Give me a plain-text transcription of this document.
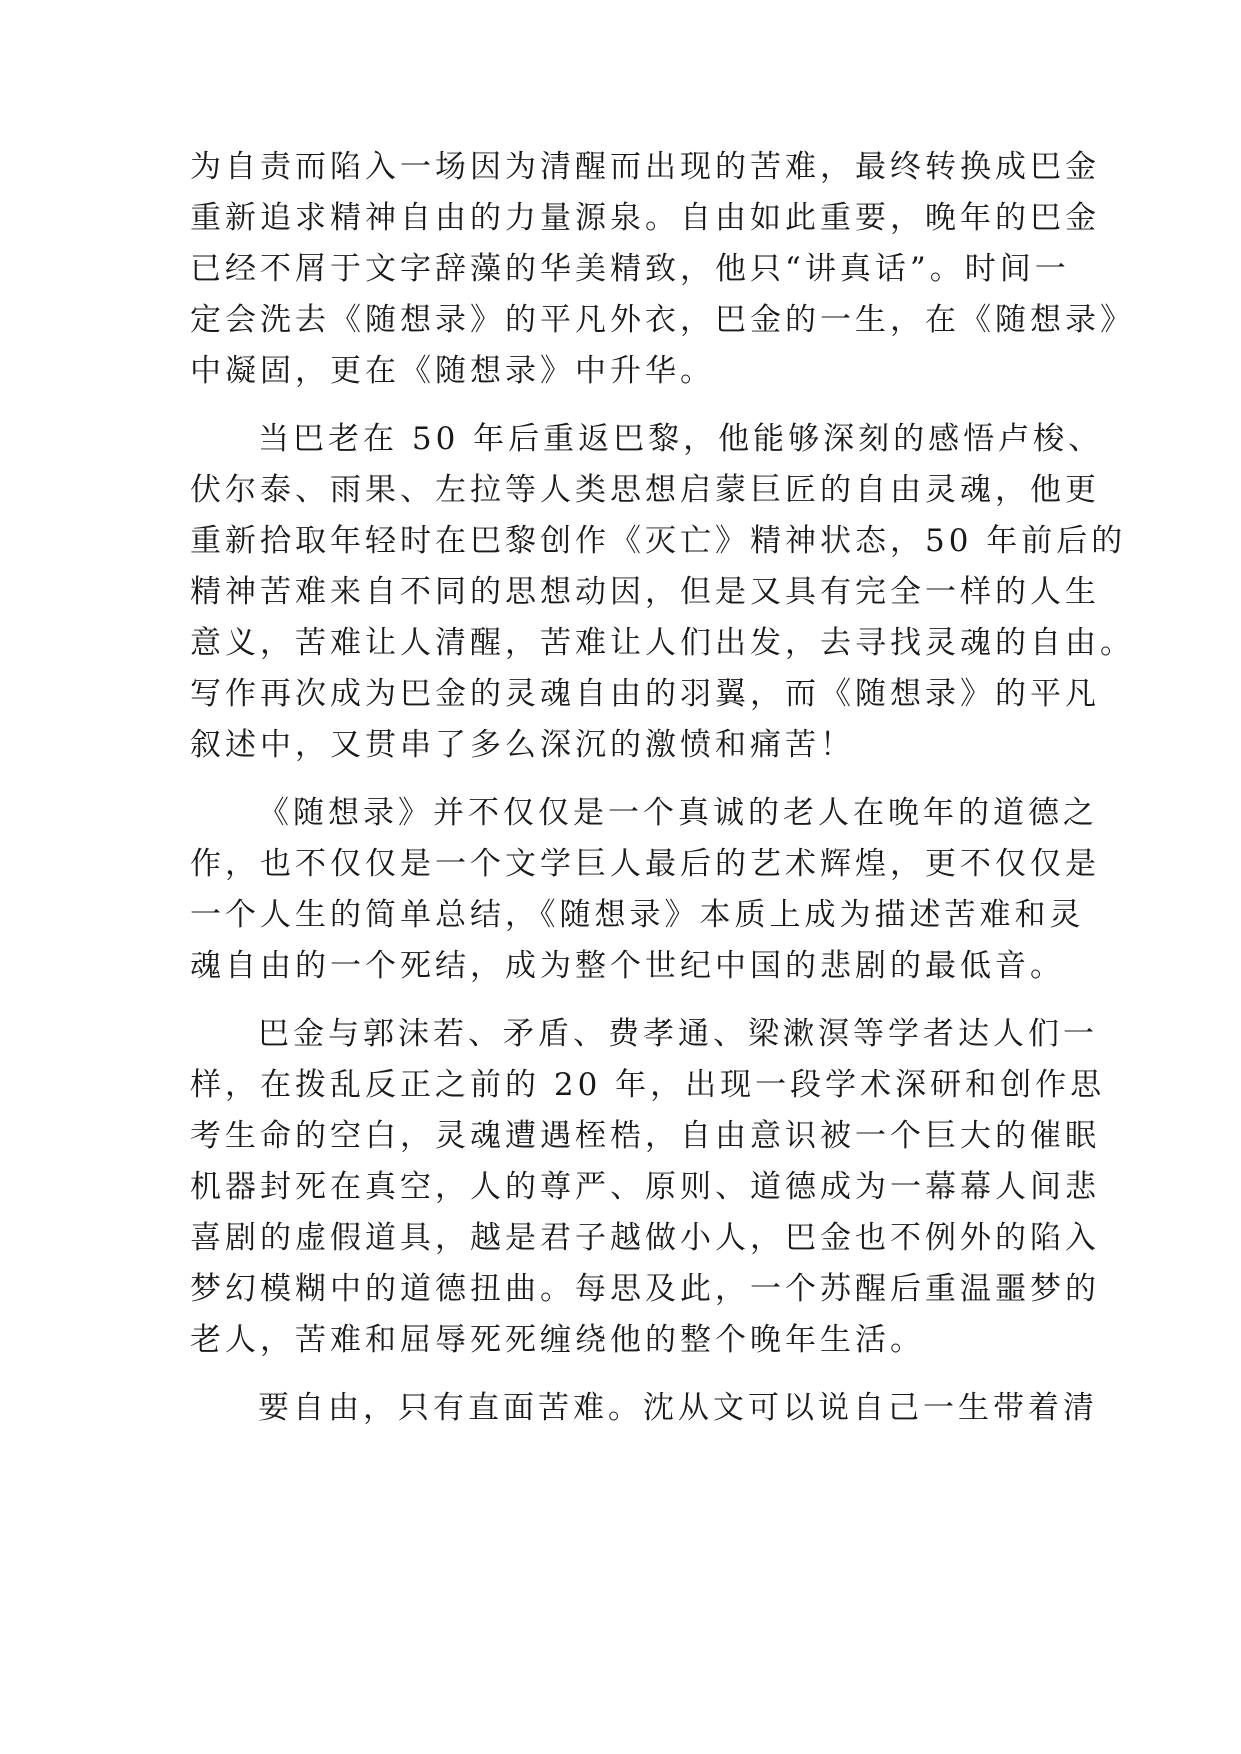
为自责而陷入一场因为清醒而出现的苦难，最终转换成巴金
重新追求精神自由的力量源泉。自由如此重要，晚年的巴金
已经不屑于文字辞藻的华美精致，他只“讲真话”。时间一
定会洗去《随想录》的平凡外衣，巴金的一生，在《随想录》
中凝固，更在《随想录》中升华。
当巴老在 50 年后重返巴黎，他能够深刻的感悟卢梭、
伏尔泰、雨果、左拉等人类思想启蒙巨匠的自由灵魂，他更
重新拾取年轻时在巴黎创作《灭亡》精神状态，50 年前后的
精神苦难来自不同的思想动因，但是又具有完全一样的人生
意义，苦难让人清醒，苦难让人们出发，去寻找灵魂的自由。
写作再次成为巴金的灵魂自由的羽翼，而《随想录》的平凡
叙述中，又贯串了多么深沉的激愤和痛苦！
《随想录》并不仅仅是一个真诚的老人在晚年的道德之
作，也不仅仅是一个文学巨人最后的艺术辉煌，更不仅仅是
一个人生的简单总结，《随想录》本质上成为描述苦难和灵
魂自由的一个死结，成为整个世纪中国的悲剧的最低音。
巴金与郭沫若、矛盾、费孝通、梁漱溟等学者达人们一
样，在拨乱反正之前的 20 年，出现一段学术深研和创作思
考生命的空白，灵魂遭遇桎梏，自由意识被一个巨大的催眠
机器封死在真空，人的尊严、原则、道德成为一幕幕人间悲
喜剧的虚假道具，越是君子越做小人，巴金也不例外的陷入
梦幻模糊中的道德扭曲。每思及此，一个苏醒后重温噩梦的
老人，苦难和屈辱死死缠绕他的整个晚年生活。
要自由，只有直面苦难。沈从文可以说自己一生带着清
